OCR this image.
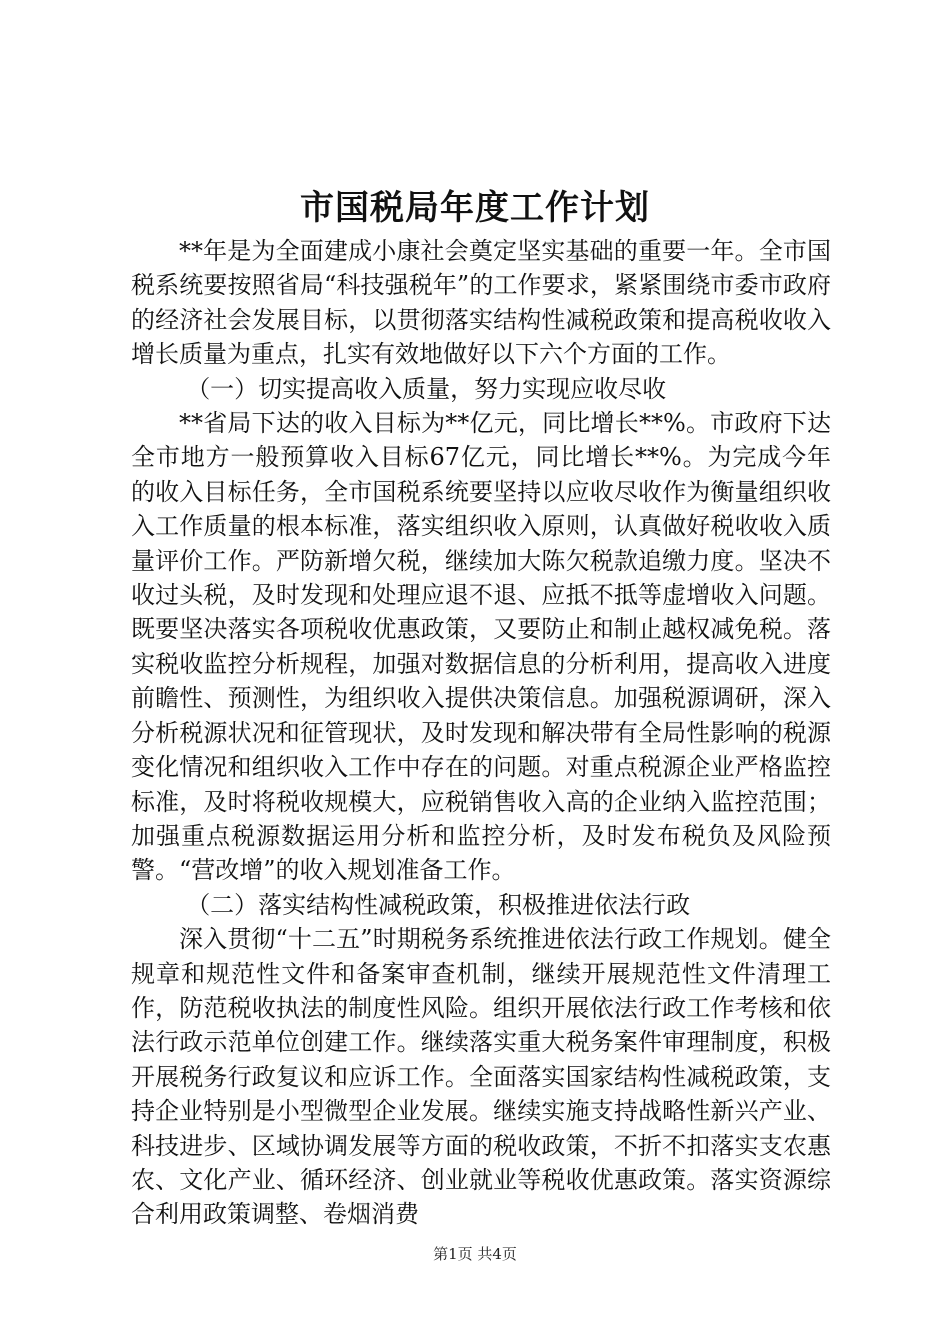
市国税局年度工作计划

**年是为全面建成小康社会奠定坚实基础的重要一年。全市国税系统要按照省局“科技强税年”的工作要求，紧紧围绕市委市政府的经济社会发展目标，以贯彻落实结构性减税政策和提高税收收入增长质量为重点，扎实有效地做好以下六个方面的工作。

（一）切实提高收入质量，努力实现应收尽收

**省局下达的收入目标为**亿元，同比增长**%。市政府下达全市地方一般预算收入目标67亿元，同比增长**%。为完成今年的收入目标任务，全市国税系统要坚持以应收尽收作为衡量组织收入工作质量的根本标准，落实组织收入原则，认真做好税收收入质量评价工作。严防新增欠税，继续加大陈欠税款追缴力度。坚决不收过头税，及时发现和处理应退不退、应抵不抵等虚增收入问题。既要坚决落实各项税收优惠政策，又要防止和制止越权减免税。落实税收监控分析规程，加强对数据信息的分析利用，提高收入进度前瞻性、预测性，为组织收入提供决策信息。加强税源调研，深入分析税源状况和征管现状，及时发现和解决带有全局性影响的税源变化情况和组织收入工作中存在的问题。对重点税源企业严格监控标准，及时将税收规模大，应税销售收入高的企业纳入监控范围；加强重点税源数据运用分析和监控分析，及时发布税负及风险预警。“营改增”的收入规划准备工作。

（二）落实结构性减税政策，积极推进依法行政

深入贯彻“十二五”时期税务系统推进依法行政工作规划。健全规章和规范性文件和备案审查机制，继续开展规范性文件清理工作，防范税收执法的制度性风险。组织开展依法行政工作考核和依法行政示范单位创建工作。继续落实重大税务案件审理制度，积极开展税务行政复议和应诉工作。全面落实国家结构性减税政策，支持企业特别是小型微型企业发展。继续实施支持战略性新兴产业、科技进步、区域协调发展等方面的税收政策，不折不扣落实支农惠农、文化产业、循环经济、创业就业等税收优惠政策。落实资源综合利用政策调整、卷烟消费

第1页 共4页
